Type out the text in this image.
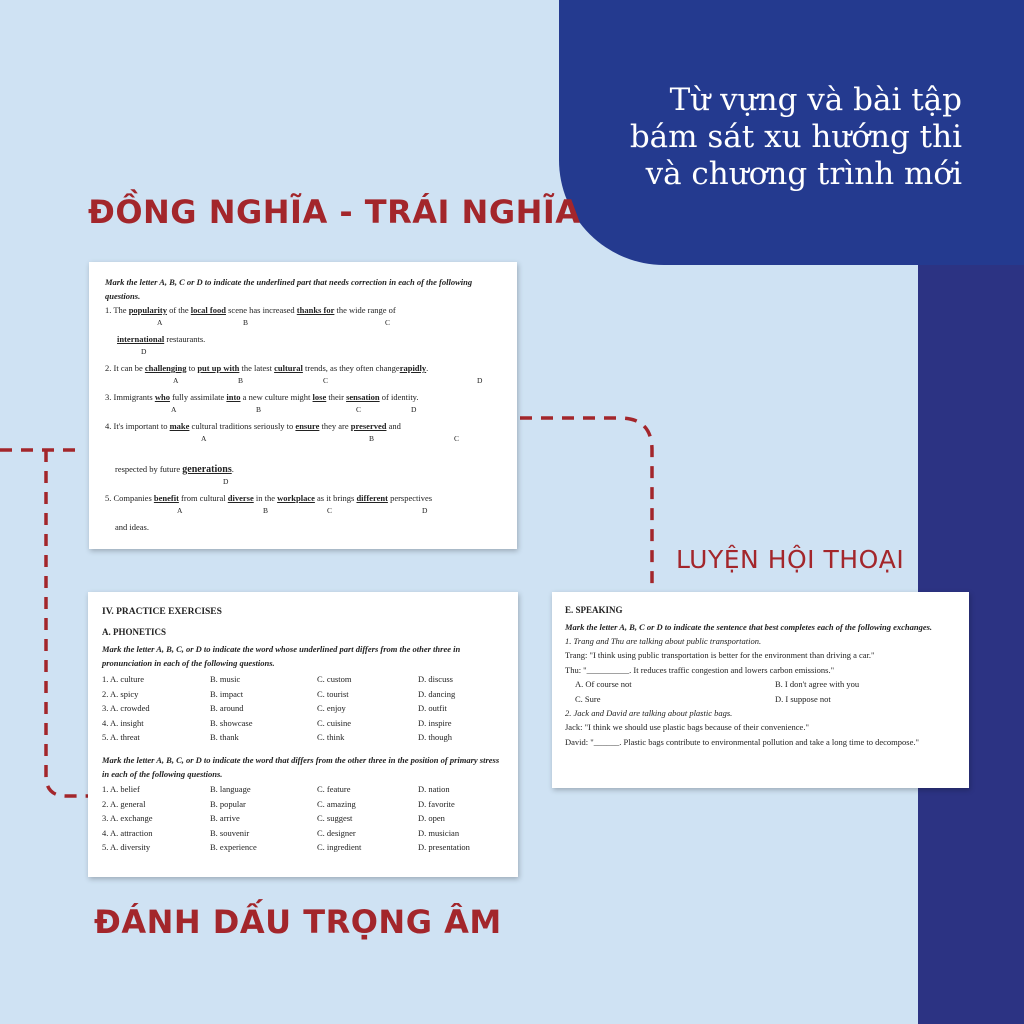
Từ vựng và bài tập
bám sát xu hướng thi
và chương trình mới
ĐỒNG NGHĨA - TRÁI NGHĨA
LUYỆN HỘI THOẠI
ĐÁNH DẤU TRỌNG ÂM
Mark the letter A, B, C or D to indicate the underlined part that needs correction in each of the following questions.
1. The popularity of the local food scene has increased thanks for the wide range of
A	B	C
international restaurants.
D
2. It can be challenging to put up with the latest cultural trends, as they often changerapidly.
A	B	C	D
3. Immigrants who fully assimilate into a new culture might lose their sensation of identity.
A	B	C	D
4. It's important to make cultural traditions seriously to ensure they are preserved and
A	B	C
respected by future generations.
D
5. Companies benefit from cultural diverse in the workplace as it brings different perspectives
A	B	C	D
and ideas.
IV. PRACTICE EXERCISES
A. PHONETICS
Mark the letter A, B, C, or D to indicate the word whose underlined part differs from the other three in pronunciation in each of the following questions.
1. A. culture	B. music	C. custom	D. discuss
2. A. spicy	B. impact	C. tourist	D. dancing
3. A. crowded	B. around	C. enjoy	D. outfit
4. A. insight	B. showcase	C. cuisine	D. inspire
5. A. threat	B. thank	C. think	D. though
Mark the letter A, B, C, or D to indicate the word that differs from the other three in the position of primary stress in each of the following questions.
1. A. belief	B. language	C. feature	D. nation
2. A. general	B. popular	C. amazing	D. favorite
3. A. exchange	B. arrive	C. suggest	D. open
4. A. attraction	B. souvenir	C. designer	D. musician
5. A. diversity	B. experience	C. ingredient	D. presentation
E. SPEAKING
Mark the letter A, B, C or D to indicate the sentence that best completes each of the following exchanges.
1. Trang and Thu are talking about public transportation.
Trang: "I think using public transportation is better for the environment than driving a car."
Thu: "__________. It reduces traffic congestion and lowers carbon emissions."
A. Of course not	B. I don't agree with you
C. Sure	D. I suppose not
2. Jack and David are talking about plastic bags.
Jack: "I think we should use plastic bags because of their convenience."
David: "______. Plastic bags contribute to environmental pollution and take a long time to decompose."
